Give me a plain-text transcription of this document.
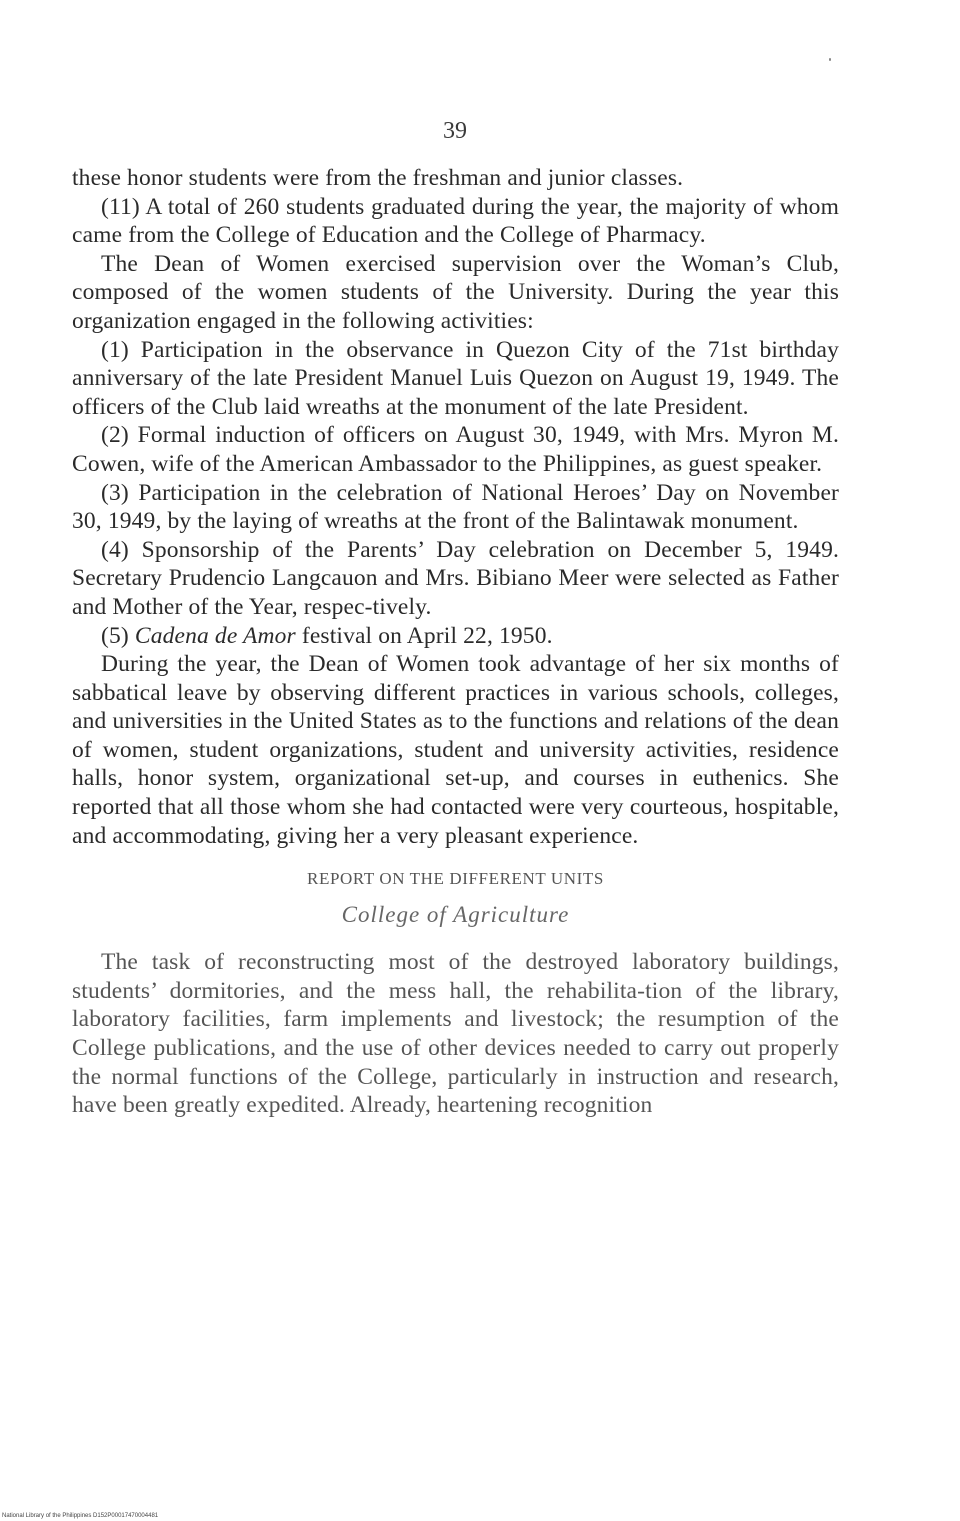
39

these honor students were from the freshman and junior classes.

(11) A total of 260 students graduated during the year, the majority of whom came from the College of Education and the College of Pharmacy.

The Dean of Women exercised supervision over the Woman’s Club, composed of the women students of the University. During the year this organization engaged in the following activities:

(1) Participation in the observance in Quezon City of the 71st birthday anniversary of the late President Manuel Luis Quezon on August 19, 1949. The officers of the Club laid wreaths at the monument of the late President.

(2) Formal induction of officers on August 30, 1949, with Mrs. Myron M. Cowen, wife of the American Ambassador to the Philippines, as guest speaker.

(3) Participation in the celebration of National Heroes’ Day on November 30, 1949, by the laying of wreaths at the front of the Balintawak monument.

(4) Sponsorship of the Parents’ Day celebration on December 5, 1949. Secretary Prudencio Langcauon and Mrs. Bibiano Meer were selected as Father and Mother of the Year, respec-tively.

(5) Cadena de Amor festival on April 22, 1950.

During the year, the Dean of Women took advantage of her six months of sabbatical leave by observing different practices in various schools, colleges, and universities in the United States as to the functions and relations of the dean of women, student organizations, student and university activities, residence halls, honor system, organizational set-up, and courses in euthenics. She reported that all those whom she had contacted were very courteous, hospitable, and accommodating, giving her a very pleasant experience.

REPORT ON THE DIFFERENT UNITS

College of Agriculture

The task of reconstructing most of the destroyed laboratory buildings, students’ dormitories, and the mess hall, the rehabilita-tion of the library, laboratory facilities, farm implements and livestock; the resumption of the College publications, and the use of other devices needed to carry out properly the normal functions of the College, particularly in instruction and research, have been greatly expedited. Already, heartening recognition

National Library of the Philippines D152P00017470004481
